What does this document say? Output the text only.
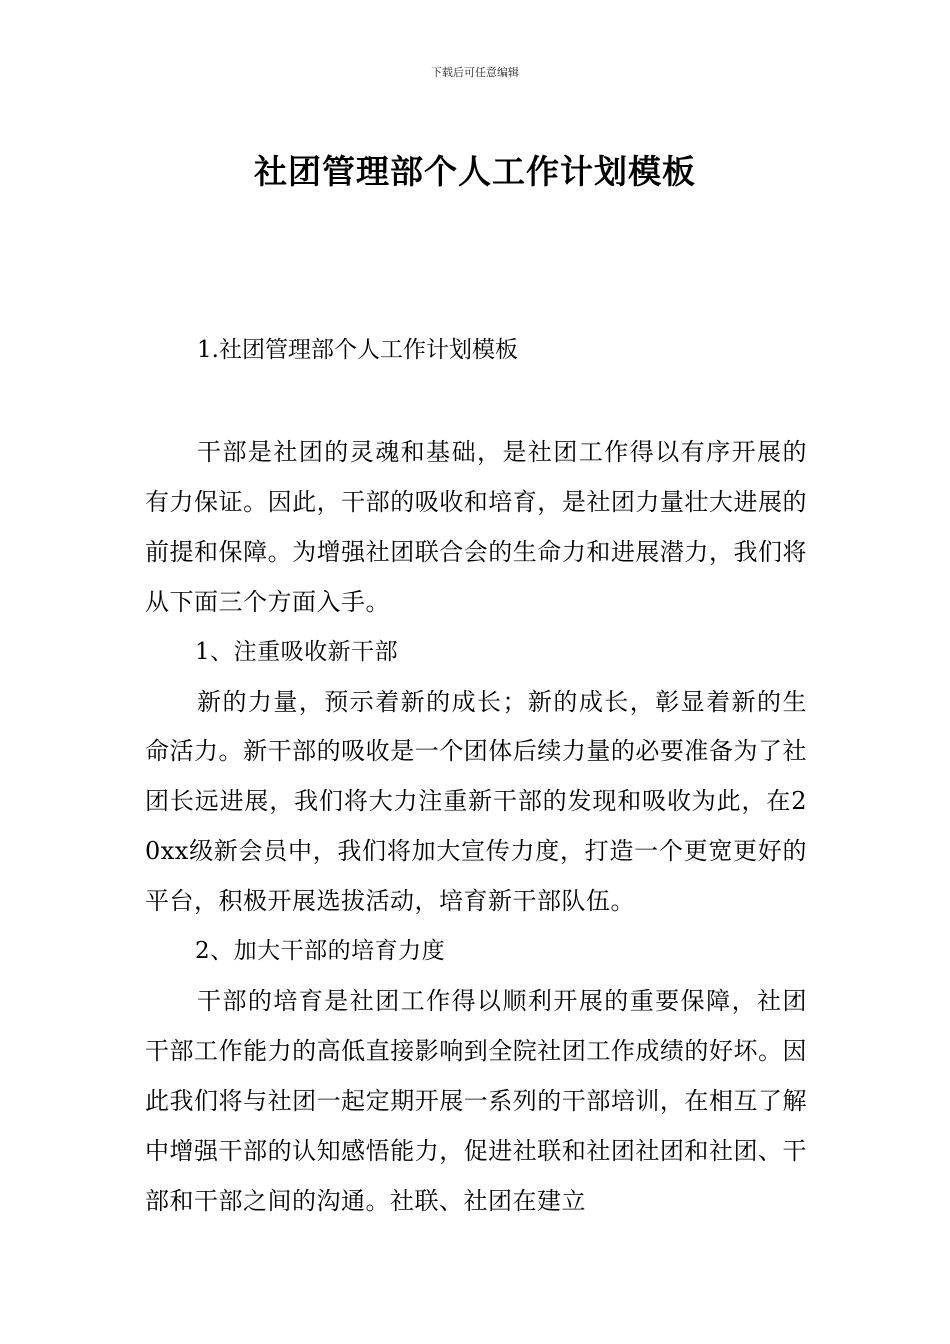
下载后可任意编辑
社团管理部个人工作计划模板
1.社团管理部个人工作计划模板

干部是社团的灵魂和基础，是社团工作得以有序开展的有力保证。因此，干部的吸收和培育，是社团力量壮大进展的前提和保障。为增强社团联合会的生命力和进展潜力，我们将从下面三个方面入手。

1、注重吸收新干部

新的力量，预示着新的成长；新的成长，彰显着新的生命活力。新干部的吸收是一个团体后续力量的必要准备为了社团长远进展，我们将大力注重新干部的发现和吸收为此，在20xx级新会员中，我们将加大宣传力度，打造一个更宽更好的平台，积极开展选拔活动，培育新干部队伍。

2、加大干部的培育力度

干部的培育是社团工作得以顺利开展的重要保障，社团干部工作能力的高低直接影响到全院社团工作成绩的好坏。因此我们将与社团一起定期开展一系列的干部培训，在相互了解中增强干部的认知感悟能力，促进社联和社团社团和社团、干部和干部之间的沟通。社联、社团在建立
